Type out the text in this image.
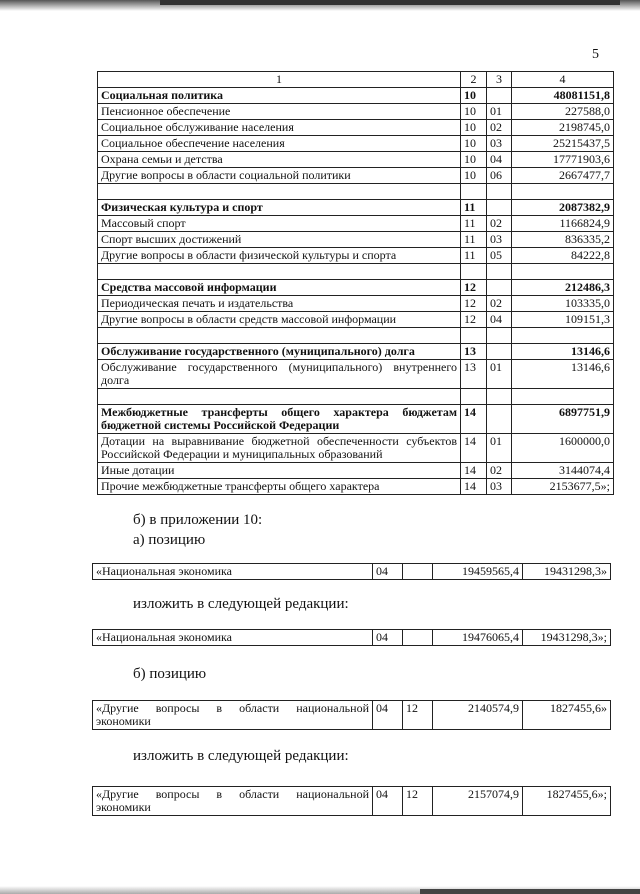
5
1	2	3	4
Социальная политика	10		48081151,8
Пенсионное обеспечение	10	01	227588,0
Социальное обслуживание населения	10	02	2198745,0
Социальное обеспечение населения	10	03	25215437,5
Охрана семьи и детства	10	04	17771903,6
Другие вопросы в области социальной политики	10	06	2667477,7

Физическая культура и спорт	11		2087382,9
Массовый спорт	11	02	1166824,9
Спорт высших достижений	11	03	836335,2
Другие вопросы в области физической культуры и спорта	11	05	84222,8

Средства массовой информации	12		212486,3
Периодическая печать и издательства	12	02	103335,0
Другие вопросы в области средств массовой информации	12	04	109151,3

Обслуживание государственного (муниципального) долга	13		13146,6
Обслуживание государственного (муниципального) внутреннего долга	13	01	13146,6

Межбюджетные трансферты общего характера бюджетам бюджетной системы Российской Федерации	14		6897751,9
Дотации на выравнивание бюджетной обеспеченности субъектов Российской Федерации и муниципальных образований	14	01	1600000,0
Иные дотации	14	02	3144074,4
Прочие межбюджетные трансферты общего характера	14	03	2153677,5»;
б) в приложении 10:
а) позицию
«Национальная экономика	04		19459565,4	19431298,3»
изложить в следующей редакции:
«Национальная экономика	04		19476065,4	19431298,3»;
б) позицию
«Другие вопросы в области национальной экономики	04	12	2140574,9	1827455,6»
изложить в следующей редакции:
«Другие вопросы в области национальной экономики	04	12	2157074,9	1827455,6»;
